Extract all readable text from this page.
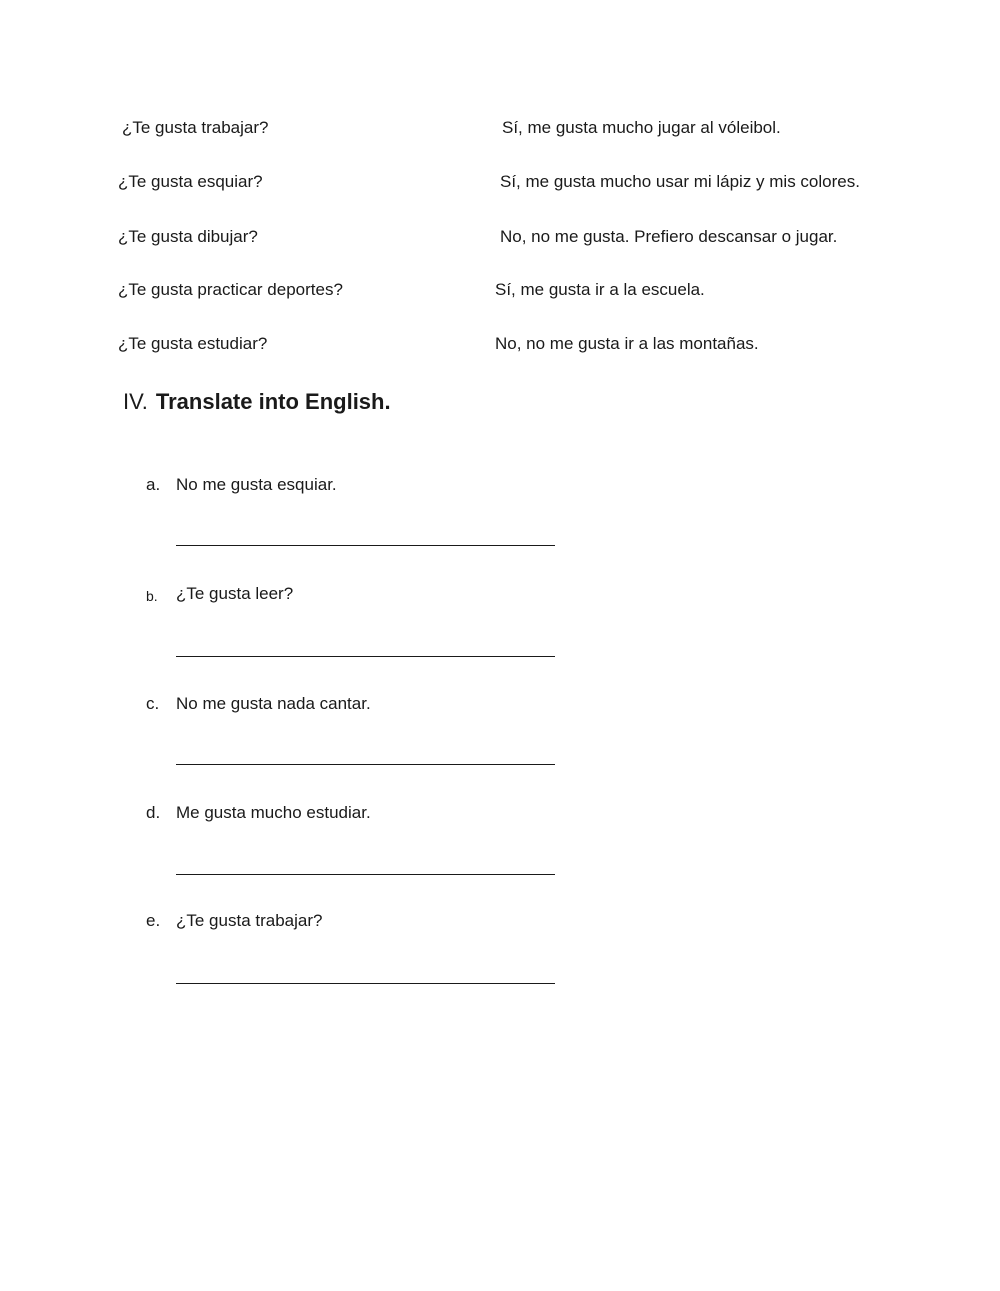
¿Te gusta trabajar?
¿Te gusta esquiar?
¿Te gusta dibujar?
¿Te gusta practicar deportes?
¿Te gusta estudiar?
Sí, me gusta mucho jugar al vóleibol.
Sí, me gusta mucho usar mi lápiz y mis colores.
No, no me gusta. Prefiero descansar o jugar.
Sí, me gusta ir a la escuela.
No, no me gusta ir a las montañas.
IV. Translate into English.
a. No me gusta esquiar.
b. ¿Te gusta leer?
c. No me gusta nada cantar.
d. Me gusta mucho estudiar.
e. ¿Te gusta trabajar?
